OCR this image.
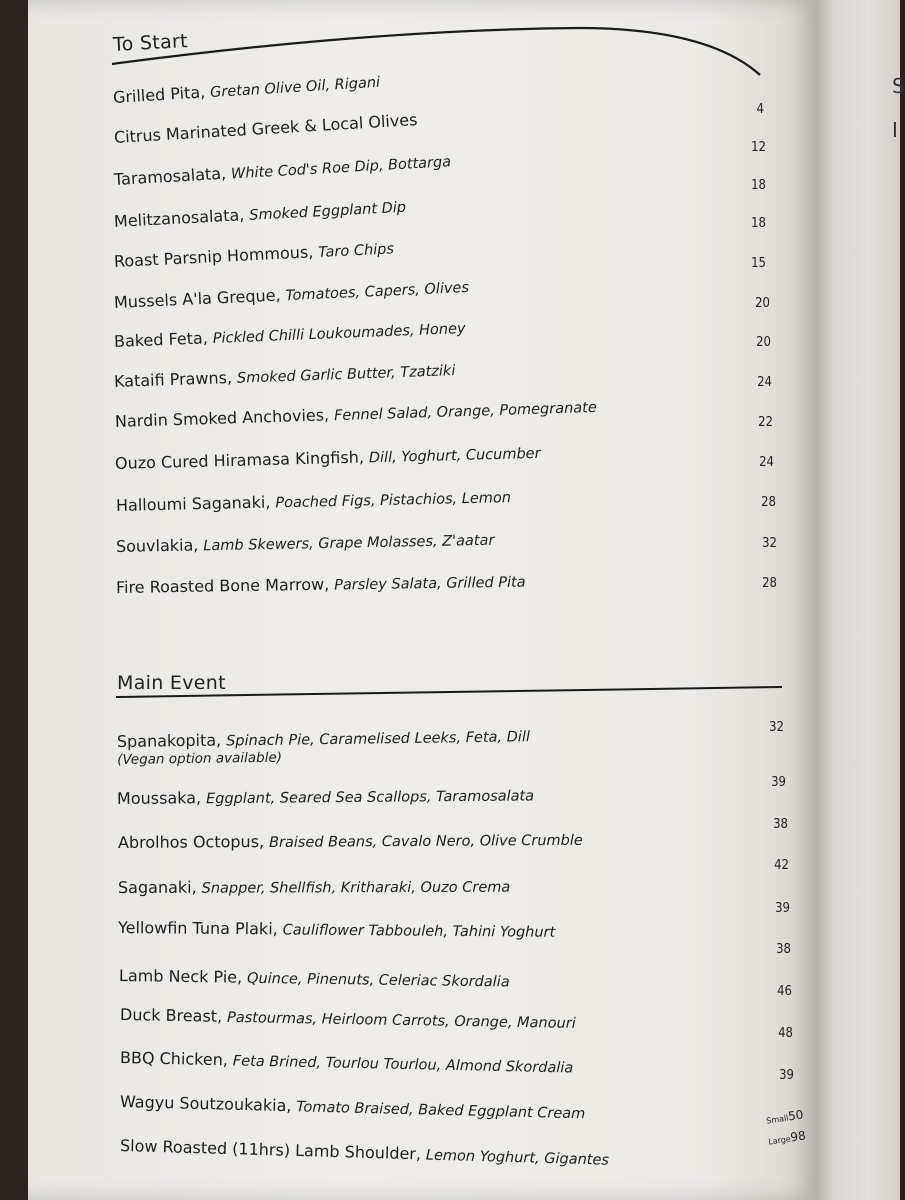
S
I
To Start
Grilled Pita, Gretan Olive Oil, Rigani
Citrus Marinated Greek & Local Olives
4
Taramosalata, White Cod's Roe Dip, Bottarga
12
Melitzanosalata, Smoked Eggplant Dip
18
Roast Parsnip Hommous, Taro Chips
18
Mussels A'la Greque, Tomatoes, Capers, Olives
15
Baked Feta, Pickled Chilli Loukoumades, Honey
20
Kataifi Prawns, Smoked Garlic Butter, Tzatziki
20
Nardin Smoked Anchovies, Fennel Salad, Orange, Pomegranate
24
Ouzo Cured Hiramasa Kingfish, Dill, Yoghurt, Cucumber
22
Halloumi Saganaki, Poached Figs, Pistachios, Lemon
24
Souvlakia, Lamb Skewers, Grape Molasses, Z'aatar
28
Fire Roasted Bone Marrow, Parsley Salata, Grilled Pita
32
28
Main Event
Spanakopita, Spinach Pie, Caramelised Leeks, Feta, Dill
(Vegan option available)
32
Moussaka, Eggplant, Seared Sea Scallops, Taramosalata
39
Abrolhos Octopus, Braised Beans, Cavalo Nero, Olive Crumble
38
Saganaki, Snapper, Shellfish, Kritharaki, Ouzo Crema
42
Yellowfin Tuna Plaki, Cauliflower Tabbouleh, Tahini Yoghurt
39
Lamb Neck Pie, Quince, Pinenuts, Celeriac Skordalia
38
Duck Breast, Pastourmas, Heirloom Carrots, Orange, Manouri
46
BBQ Chicken, Feta Brined, Tourlou Tourlou, Almond Skordalia
48
Wagyu Soutzoukakia, Tomato Braised, Baked Eggplant Cream
39
Slow Roasted (11hrs) Lamb Shoulder, Lemon Yoghurt, Gigantes
Small50
Large98
